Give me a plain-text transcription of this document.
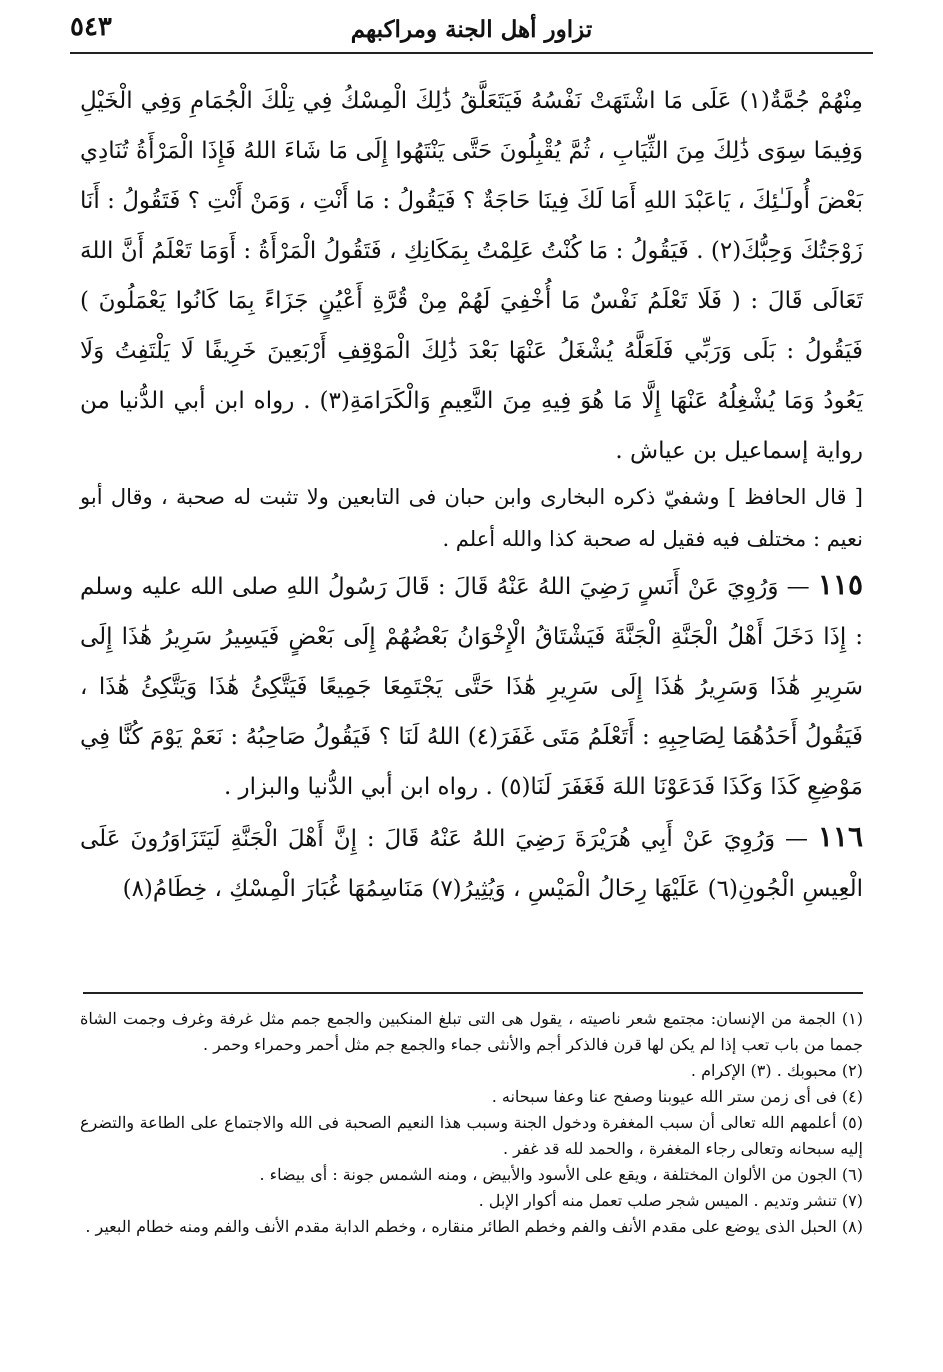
تزاور أهل الجنة ومراكبهم
٥٤٣

مِنْهُمْ جُمَّةٌ(١) عَلَى مَا اشْتَهَتْ نَفْسُهُ فَيَتَعَلَّقُ ذَٰلِكَ الْمِسْكُ فِي تِلْكَ الْجُمَامِ وَفِي الْخَيْلِ وَفِيمَا سِوَى ذَٰلِكَ مِنَ الثِّيَابِ ، ثُمَّ يُقْبِلُونَ حَتَّى يَنْتَهُوا إِلَى مَا شَاءَ اللهُ فَإِذَا الْمَرْأَةُ تُنَادِي بَعْضَ أُولَـٰئِكَ ، يَاعَبْدَ اللهِ أَمَا لَكَ فِينَا حَاجَةٌ ؟ فَيَقُولُ : مَا أَنْتِ ، وَمَنْ أَنْتِ ؟ فَتَقُولُ : أَنَا زَوْجَتُكَ وَحِبُّكَ(٢) . فَيَقُولُ : مَا كُنْتُ عَلِمْتُ بِمَكَانِكِ ، فَتَقُولُ الْمَرْأَةُ : أَوَمَا تَعْلَمُ أَنَّ اللهَ تَعَالَى قَالَ : ( فَلَا تَعْلَمُ نَفْسٌ مَا أُخْفِيَ لَهُمْ مِنْ قُرَّةِ أَعْيُنٍ جَزَاءً بِمَا كَانُوا يَعْمَلُونَ ) فَيَقُولُ : بَلَى وَرَبِّي فَلَعَلَّهُ يُشْغَلُ عَنْهَا بَعْدَ ذَٰلِكَ الْمَوْقِفِ أَرْبَعِينَ خَرِيفًا لَا يَلْتَفِتُ وَلَا يَعُودُ وَمَا يُشْغِلُهُ عَنْهَا إِلَّا مَا هُوَ فِيهِ مِنَ النَّعِيمِ وَالْكَرَامَةِ(٣) . رواه ابن أبي الدُّنيا من رواية إسماعيل بن عياش .

[ قال الحافظ ] وشفيّ ذكره البخارى وابن حبان فى التابعين ولا تثبت له صحبة ، وقال أبو نعيم : مختلف فيه فقيل له صحبة كذا والله أعلم .

١١٥ — وَرُوِيَ عَنْ أَنَسٍ رَضِيَ اللهُ عَنْهُ قَالَ : قَالَ رَسُولُ اللهِ صلى الله عليه وسلم : إِذَا دَخَلَ أَهْلُ الْجَنَّةِ الْجَنَّةَ فَيَشْتَاقُ الْإِخْوَانُ بَعْضُهُمْ إِلَى بَعْضٍ فَيَسِيرُ سَرِيرُ هَٰذَا إِلَى سَرِيرِ هَٰذَا وَسَرِيرُ هَٰذَا إِلَى سَرِيرِ هَٰذَا حَتَّى يَجْتَمِعَا جَمِيعًا فَيَتَّكِئُ هَٰذَا وَيَتَّكِئُ هَٰذَا ، فَيَقُولُ أَحَدُهُمَا لِصَاحِبِهِ : أَتَعْلَمُ مَتَى غَفَرَ(٤) اللهُ لَنَا ؟ فَيَقُولُ صَاحِبُهُ : نَعَمْ يَوْمَ كُنَّا فِي مَوْضِعِ كَذَا وَكَذَا فَدَعَوْنَا اللهَ فَغَفَرَ لَنَا(٥) . رواه ابن أبي الدُّنيا والبزار .

١١٦ — وَرُوِيَ عَنْ أَبِي هُرَيْرَةَ رَضِيَ اللهُ عَنْهُ قَالَ : إِنَّ أَهْلَ الْجَنَّةِ لَيَتَزَاوَرُونَ عَلَى الْعِيسِ الْجُونِ(٦) عَلَيْهَا رِحَالُ الْمَيْسِ ، وَيُثِيرُ(٧) مَنَاسِمُهَا غُبَارَ الْمِسْكِ ، خِطَامُ(٨)

(١) الجمة من الإنسان: مجتمع شعر ناصيته ، يقول هى التى تبلغ المنكبين والجمع جمم مثل غرفة وغرف وجمت الشاة جمما من باب تعب إذا لم يكن لها قرن فالذكر أجم والأنثى جماء والجمع جم مثل أحمر وحمراء وحمر .

(٢) محبوبك . (٣) الإكرام .

(٤) فى أى زمن ستر الله عيوبنا وصفح عنا وعفا سبحانه .

(٥) أعلمهم الله تعالى أن سبب المغفرة ودخول الجنة وسبب هذا النعيم الصحبة فى الله والاجتماع على الطاعة والتضرع إليه سبحانه وتعالى رجاء المغفرة ، والحمد لله قد غفر .

(٦) الجون من الألوان المختلفة ، ويقع على الأسود والأبيض ، ومنه الشمس جونة : أى بيضاء .

(٧) تنشر وتديم . الميس شجر صلب تعمل منه أكوار الإبل .

(٨) الحبل الذى يوضع على مقدم الأنف والفم وخطم الطائر منقاره ، وخطم الدابة مقدم الأنف والفم ومنه خطام البعير .
